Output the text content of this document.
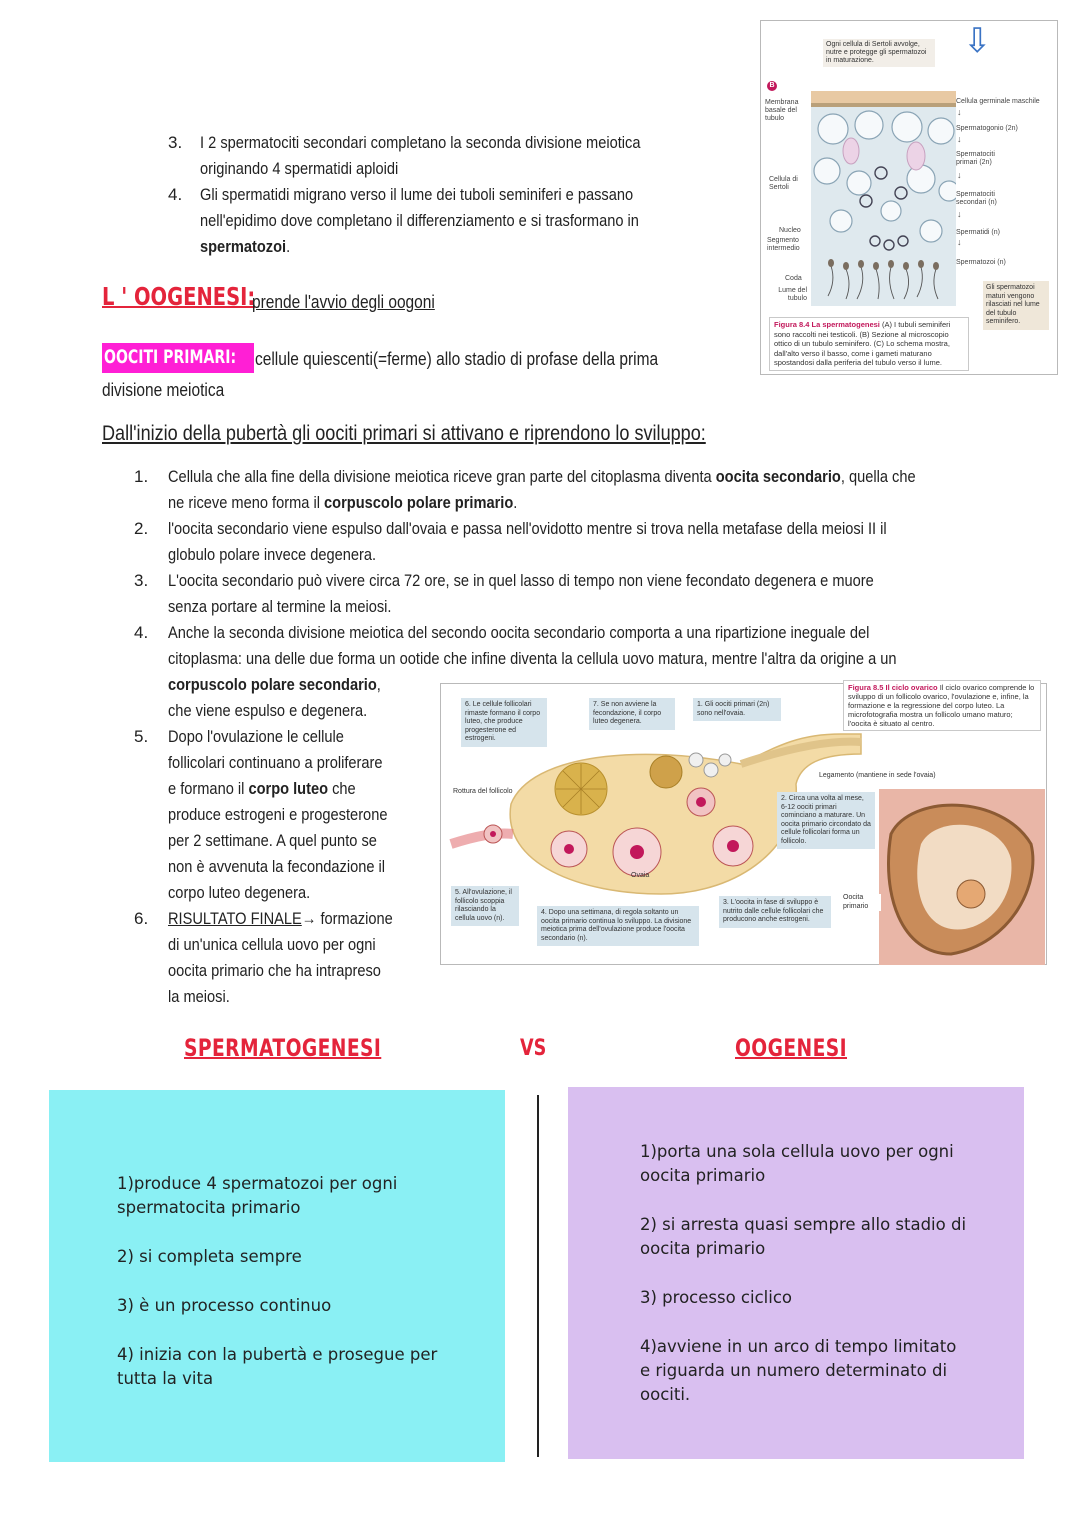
3. I 2 spermatociti secondari completano la seconda divisione meiotica
originando 4 spermatidi aploidi
4. Gli spermatidi migrano verso il lume dei tuboli seminiferi e passano
nell'epidimo dove completano il differenziamento e si trasformano in
spermatozoi.
Ogni cellula di Sertoli avvolge, nutre e protegge gli spermatozoi in maturazione.
⇩
B
Membrana basale del tubulo
Cellula di Sertoli
Nucleo
Segmento intermedio
Coda
Lume del tubulo
Cellula germinale maschile
↓
Spermatogonio (2n)
↓
Spermatociti primari (2n)
↓
Spermatociti secondari (n)
↓
Spermatidi (n)
↓
Spermatozoi (n)
Gli spermatozoi maturi vengono rilasciati nel lume del tubulo seminifero.
Figura 8.4 La spermatogenesi (A) I tubuli seminiferi sono raccolti nei testicoli. (B) Sezione al microscopio ottico di un tubulo seminifero. (C) Lo schema mostra, dall'alto verso il basso, come i gameti maturano spostandosi dalla periferia del tubulo verso il lume.
L ' OOGENESI:
prende l'avvio degli oogoni
OOCITI PRIMARI: cellule quiescenti(=ferme) allo stadio di profase della prima
divisione meiotica
Dall'inizio della pubertà gli oociti primari si attivano e riprendono lo sviluppo:
1. Cellula che alla fine della divisione meiotica riceve gran parte del citoplasma diventa oocita secondario, quella che
ne riceve meno forma il corpuscolo polare primario.
2. l'oocita secondario viene espulso dall'ovaia e passa nell'ovidotto mentre si trova nella metafase della meiosi II il
globulo polare invece degenera.
3. L'oocita secondario può vivere circa 72 ore, se in quel lasso di tempo non viene fecondato degenera e muore
senza portare al termine la meiosi.
4. Anche la seconda divisione meiotica del secondo oocita secondario comporta a una ripartizione ineguale del
citoplasma: una delle due forma un ootide che infine diventa la cellula uovo matura, mentre l'altra da origine a un
corpuscolo polare secondario,
che viene espulso e degenera.
5. Dopo l'ovulazione le cellule
follicolari continuano a proliferare
e formano il corpo luteo che
produce estrogeni e progesterone
per 2 settimane. A quel punto se
non è avvenuta la fecondazione il
corpo luteo degenera.
6. RISULTATO FINALE→ formazione
di un'unica cellula uovo per ogni
oocita primario che ha intrapreso
la meiosi.
Figura 8.5 Il ciclo ovarico Il ciclo ovarico comprende lo sviluppo di un follicolo ovarico, l'ovulazione e, infine, la formazione e la regressione del corpo luteo. La microfotografia mostra un follicolo umano maturo; l'oocita è situato al centro.
6. Le cellule follicolari rimaste formano il corpo luteo, che produce progesterone ed estrogeni.
7. Se non avviene la fecondazione, il corpo luteo degenera.
1. Gli oociti primari (2n) sono nell'ovaia.
Legamento (mantiene in sede l'ovaia)
Rottura del follicolo
2. Circa una volta al mese, 6-12 oociti primari cominciano a maturare. Un oocita primario circondato da cellule follicolari forma un follicolo.
Ovaia
5. All'ovulazione, il follicolo scoppia rilasciando la cellula uovo (n).
4. Dopo una settimana, di regola soltanto un oocita primario continua lo sviluppo. La divisione meiotica prima dell'ovulazione produce l'oocita secondario (n).
3. L'oocita in fase di sviluppo è nutrito dalle cellule follicolari che producono anche estrogeni.
Oocita primario
SPERMATOGENESI	VS	OOGENESI
1)produce 4 spermatozoi per ogni spermatocita primario
2) si completa sempre
3) è un processo continuo
4) inizia con la pubertà e prosegue per tutta la vita
1)porta una sola cellula uovo per ogni oocita primario
2) si arresta quasi sempre allo stadio di oocita primario
3) processo ciclico
4)avviene in un arco di tempo limitato e riguarda un numero determinato di oociti.
